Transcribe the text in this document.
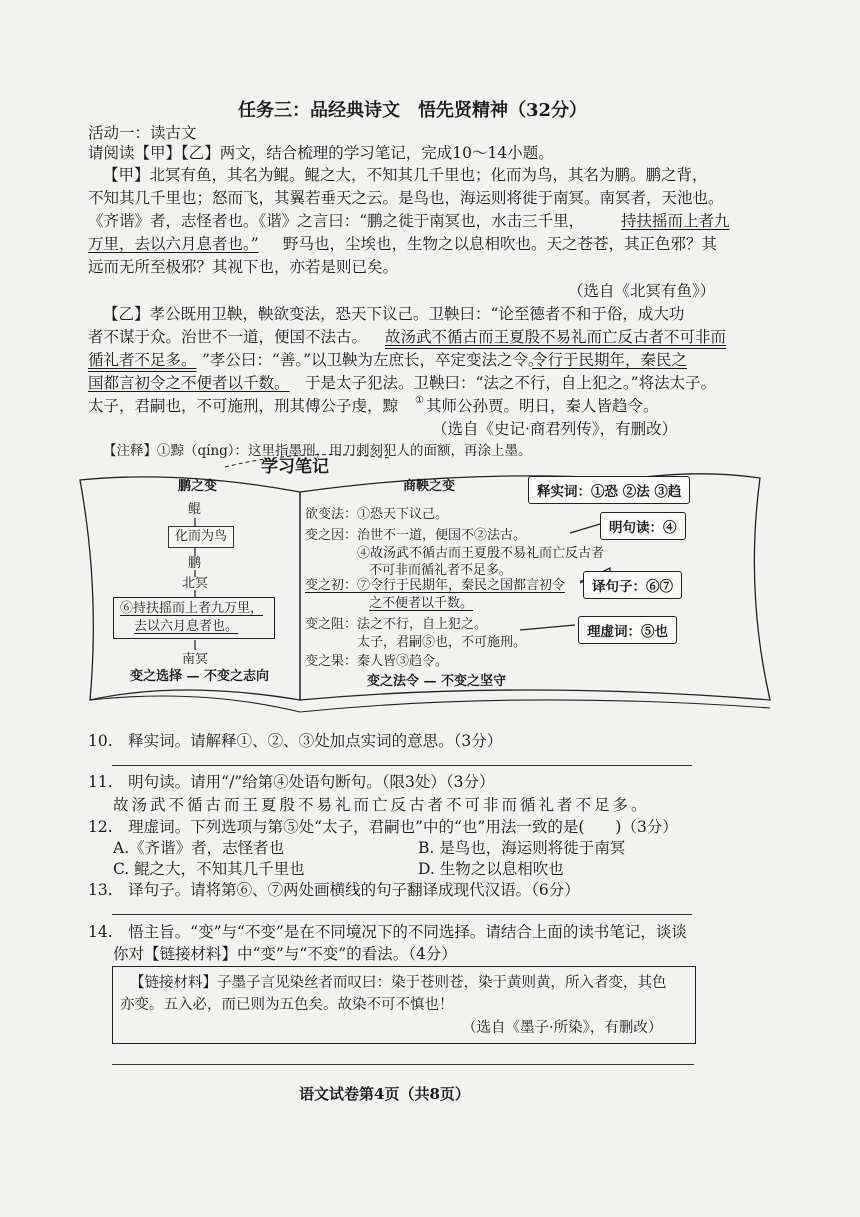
任务三：品经典诗文　悟先贤精神（32分）
活动一：读古文
请阅读【甲】【乙】两文，结合梳理的学习笔记，完成10～14小题。
【甲】北冥有鱼，其名为鲲。鲲之大，不知其几千里也；化而为鸟，其名为鹏。鹏之背，
不知其几千里也；怒而飞，其翼若垂天之云。是鸟也，海运则将徙于南冥。南冥者，天池也。
《齐谐》者，志怪者也。《谐》之言曰：“鹏之徙于南冥也，水击三千里， 持扶摇而上者九
万里，去以六月息者也。” 野马也，尘埃也，生物之以息相吹也。天之苍苍，其正色邪？其
远而无所至极邪？其视下也，亦若是则已矣。
（选自《北冥有鱼》）
【乙】孝公既用卫鞅，鞅欲变法，恐天下议己。卫鞅曰：“论至德者不和于俗，成大功
者不谋于众。治世不一道，便国不法古。 故汤武不循古而王夏殷不易礼而亡反古者不可非而
循礼者不足多。 ”孝公曰：“善。”以卫鞅为左庶长，卒定变法之令。
令行于民期年，秦民之
国都言初令之不便者以千数。 于是太子犯法。卫鞅曰：“法之不行，自上犯之。”将法太子。
太子，君嗣也，不可施刑，刑其傅公子虔，黥 ① 其师公孙贾。明日，秦人皆趋令。
（选自《史记·商君列传》，有删改）
【注释】①黥（qíng）：这里指墨刑，用刀刺刻犯人的面额，再涂上墨。
学习笔记
鹏之变	商鞅之变
鲲
化而为鸟
鹏
北冥
⑥持扶摇而上者九万里，
去以六月息者也。
南冥
变之选择 — 不变之志向
欲变法：①恐天下议己。
变之因：治世不一道，便国不②法古。
④故汤武不循古而王夏殷不易礼而亡反古者
不可非而循礼者不足多。
变之初：⑦令行于民期年，秦民之国都言初令
之不便者以千数。
变之阻：法之不行，自上犯之。
太子，君嗣⑤也，不可施刑。
变之果：秦人皆③趋令。
变之法令 — 不变之坚守
释实词：①恐 ②法 ③趋
明句读：④
译句子：⑥⑦
理虚词：⑤也
10.　释实词。请解释①、②、③处加点实词的意思。（3分）
11.　明句读。请用“/”给第④处语句断句。（限3处）（3分）
故汤武不循古而王夏殷不易礼而亡反古者不可非而循礼者不足多。
12.　理虚词。下列选项与第⑤处“太子，君嗣也”中的“也”用法一致的是(　　)（3分）
A.《齐谐》者，志怪者也	B. 是鸟也，海运则将徙于南冥
C. 鲲之大，不知其几千里也	D. 生物之以息相吹也
13.　译句子。请将第⑥、⑦两处画横线的句子翻译成现代汉语。（6分）
14.　悟主旨。“变”与“不变”是在不同境况下的不同选择。请结合上面的读书笔记，谈谈
你对【链接材料】中“变”与“不变”的看法。（4分）
【链接材料】子墨子言见染丝者而叹曰：染于苍则苍，染于黄则黄，所入者变，其色
亦变。五入必，而已则为五色矣。故染不可不慎也！
（选自《墨子·所染》，有删改）
语文试卷第4页（共8页）
